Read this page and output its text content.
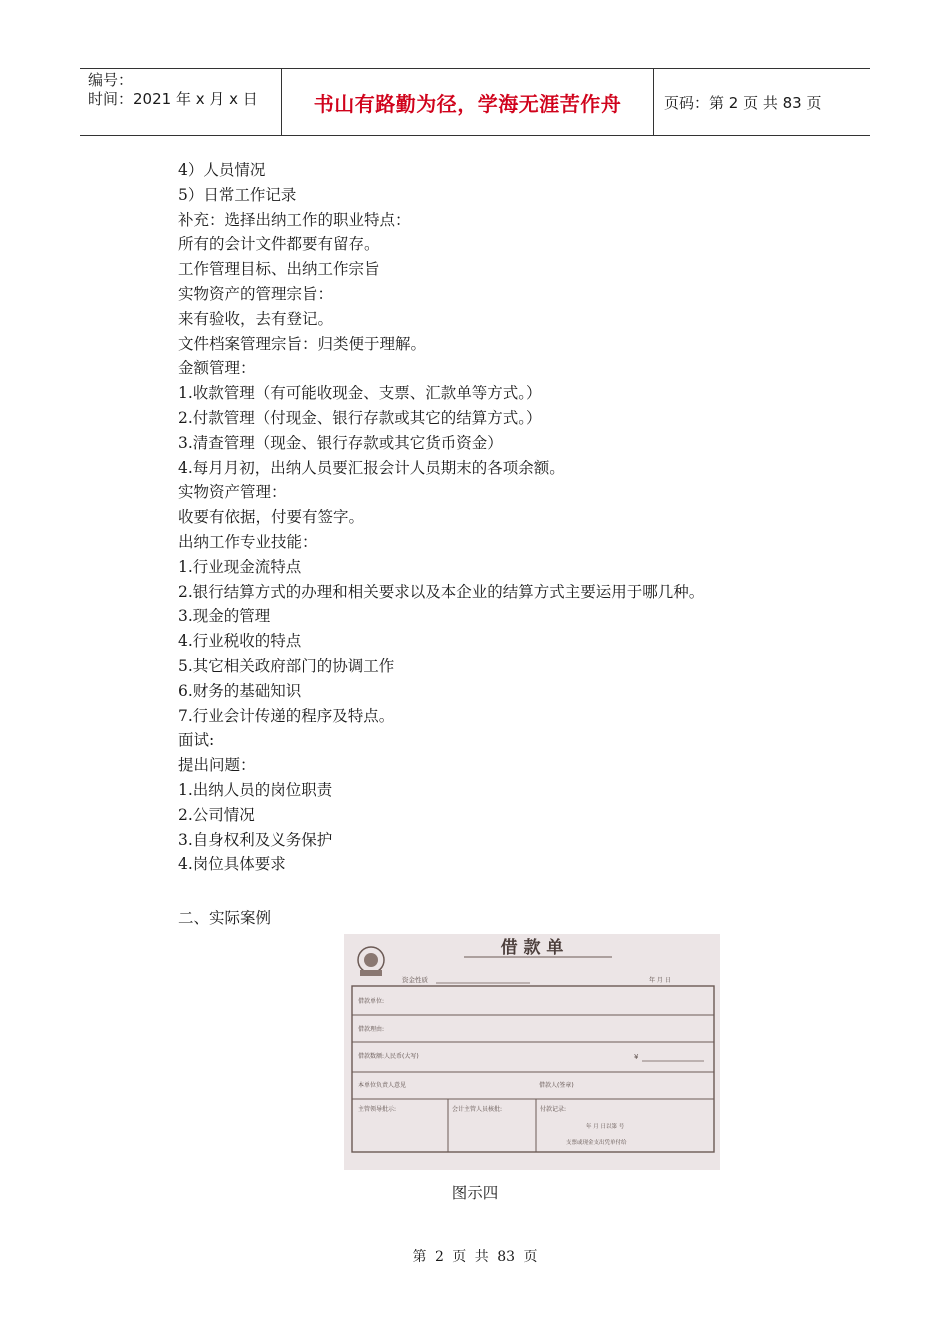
编号：
时间：2021 年 x 月 x 日	书山有路勤为径，学海无涯苦作舟	页码：第 2 页 共 83 页
4）人员情况
5）日常工作记录
补充：选择出纳工作的职业特点：
所有的会计文件都要有留存。
工作管理目标、出纳工作宗旨
实物资产的管理宗旨：
来有验收，去有登记。
文件档案管理宗旨：归类便于理解。
金额管理：
1.收款管理（有可能收现金、支票、汇款单等方式。）
2.付款管理（付现金、银行存款或其它的结算方式。）
3.清查管理（现金、银行存款或其它货币资金）
4.每月月初，出纳人员要汇报会计人员期末的各项余额。
实物资产管理：
收要有依据，付要有签字。
出纳工作专业技能：
1.行业现金流特点
2.银行结算方式的办理和相关要求以及本企业的结算方式主要运用于哪几种。
3.现金的管理
4.行业税收的特点
5.其它相关政府部门的协调工作
6.财务的基础知识
7.行业会计传递的程序及特点。
面试:
提出问题：
1.出纳人员的岗位职责
2.公司情况
3.自身权利及义务保护
4.岗位具体要求
二、实际案例
借 款 单
资金性质	年 月 日
借款单位:
借款理由:
借款数额:人民币(大写)	¥
本单位负责人意见	借款人(签章)
主管领导批示:	会计主管人员核批:	付款记录:
年 月 日以第 号
支票或现金支出凭单付给
图示四
第 2 页 共 83 页
